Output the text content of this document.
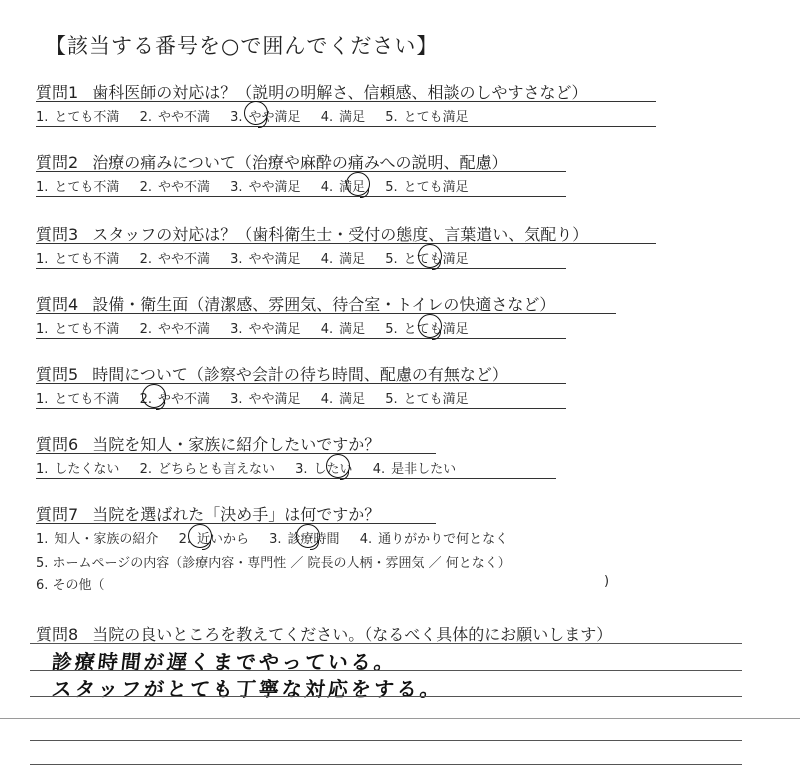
【該当する番号を○で囲んでください】
質問1 歯科医師の対応は？（説明の明解さ、信頼感、相談のしやすさなど）
1. とても不満 2. やや不満 3. やや満足 4. 満足 5. とても満足
質問2 治療の痛みについて（治療や麻酔の痛みへの説明、配慮）
1. とても不満 2. やや不満 3. やや満足 4. 満足 5. とても満足
質問3 スタッフの対応は？（歯科衛生士・受付の態度、言葉遣い、気配り）
1. とても不満 2. やや不満 3. やや満足 4. 満足 5. とても満足
質問4 設備・衛生面（清潔感、雰囲気、待合室・トイレの快適さなど）
1. とても不満 2. やや不満 3. やや満足 4. 満足 5. とても満足
質問5 時間について（診察や会計の待ち時間、配慮の有無など）
1. とても不満 2. やや不満 3. やや満足 4. 満足 5. とても満足
質問6 当院を知人・家族に紹介したいですか？
1. したくない 2. どちらとも言えない 3. したい 4. 是非したい
質問7 当院を選ばれた「決め手」は何ですか？
1. 知人・家族の紹介 2. 近いから 3. 診療時間 4. 通りがかりで何となく
5. ホームページの内容（診療内容・専門性 ／ 院長の人柄・雰囲気 ／ 何となく）
6. その他（	)
質問8 当院の良いところを教えてください。（なるべく具体的にお願いします）
診療時間が遅くまでやっている。
スタッフがとても丁寧な対応をする。
